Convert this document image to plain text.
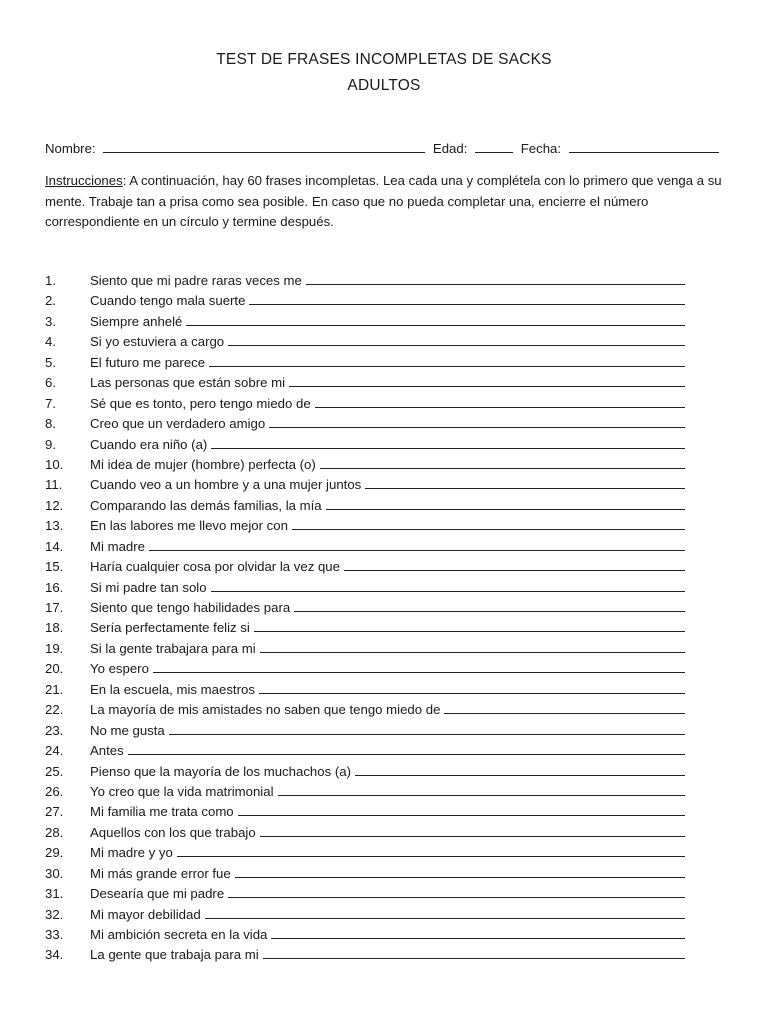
TEST DE FRASES INCOMPLETAS DE SACKS
ADULTOS
Nombre:	Edad:	Fecha:
Instrucciones: A continuación, hay 60 frases incompletas. Lea cada una y complétela con lo primero que venga a su mente. Trabaje tan a prisa como sea posible. En caso que no pueda completar una, encierre el número correspondiente en un círculo y termine después.
1.	Siento que mi padre raras veces me
2.	Cuando tengo mala suerte
3.	Siempre anhelé
4.	Si yo estuviera a cargo
5.	El futuro me parece
6.	Las personas que están sobre mi
7.	Sé que es tonto, pero tengo miedo de
8.	Creo que un verdadero amigo
9.	Cuando era niño (a)
10.	Mi idea de mujer (hombre) perfecta (o)
11.	Cuando veo a un hombre y a una mujer juntos
12.	Comparando las demás familias, la mía
13.	En las labores me llevo mejor con
14.	Mi madre
15.	Haría cualquier cosa por olvidar la vez que
16.	Si mi padre tan solo
17.	Siento que tengo habilidades para
18.	Sería perfectamente feliz si
19.	Si la gente trabajara para mi
20.	Yo espero
21.	En la escuela, mis maestros
22.	La mayoría de mis amistades no saben que tengo miedo de
23.	No me gusta
24.	Antes
25.	Pienso que la mayoría de los muchachos (a)
26.	Yo creo que la vida matrimonial
27.	Mi familia me trata como
28.	Aquellos con los que trabajo
29.	Mi madre y yo
30.	Mi más grande error fue
31.	Desearía que mi padre
32.	Mi mayor debilidad
33.	Mi ambición secreta en la vida
34.	La gente que trabaja para mi
